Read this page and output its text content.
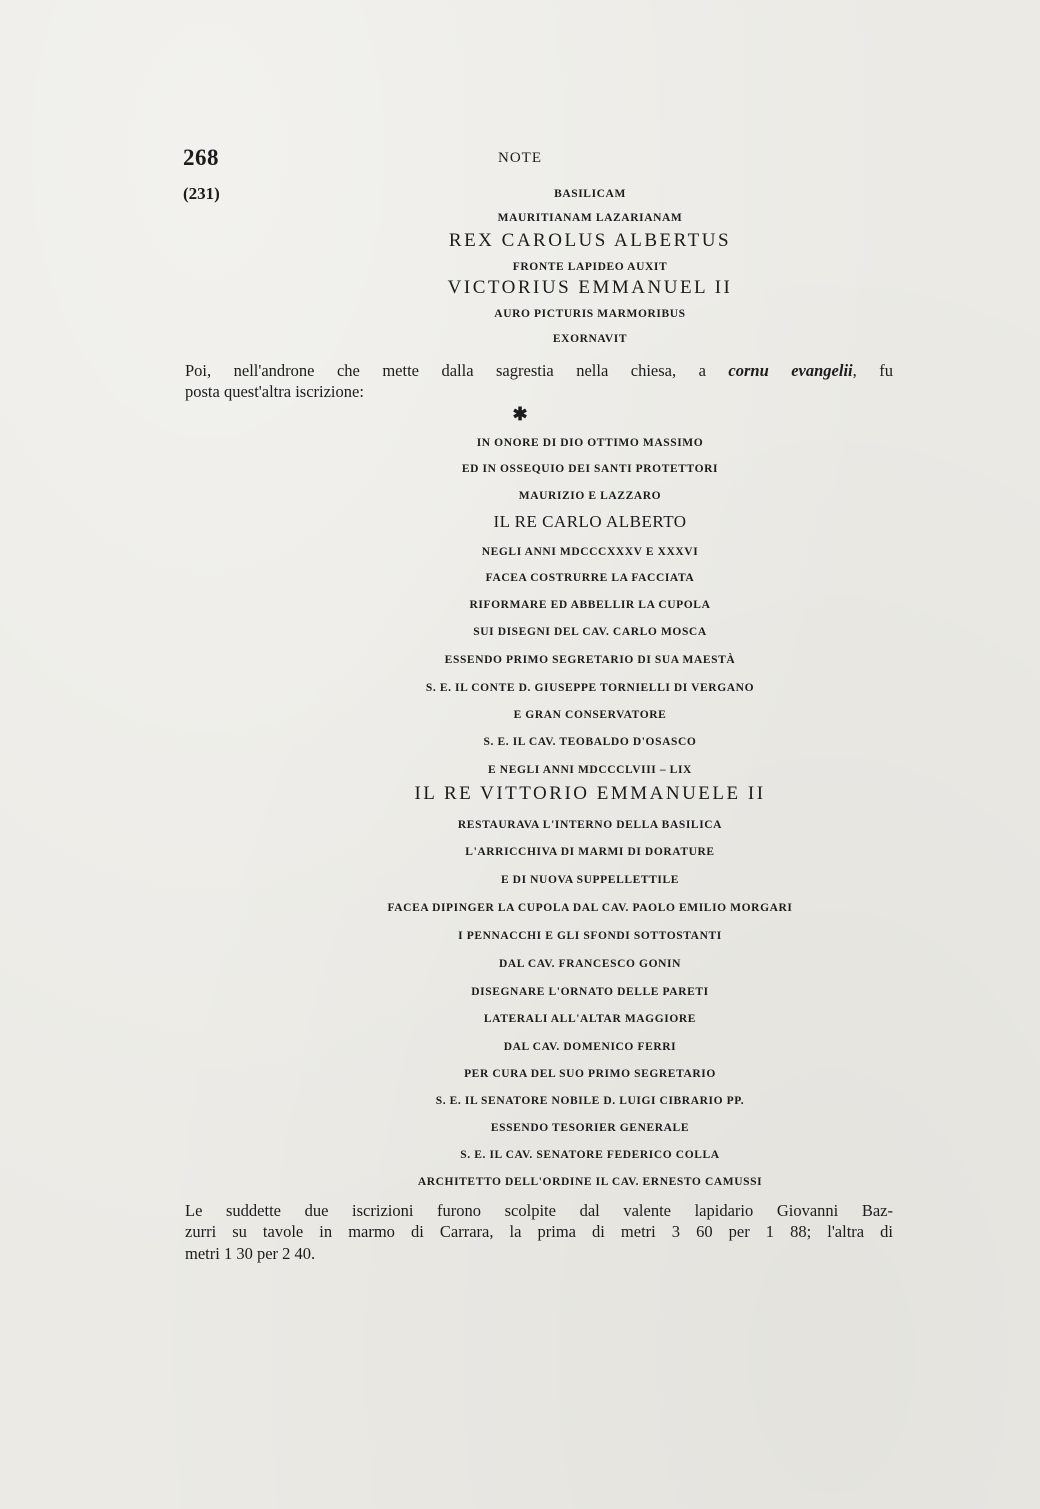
268	NOTE
(231)	BASILICAM
MAURITIANAM LAZARIANAM
REX CAROLUS ALBERTUS
FRONTE LAPIDEO AUXIT
VICTORIUS EMMANUEL II
AURO PICTURIS MARMORIBUS
EXORNAVIT
Poi, nell'androne che mette dalla sagrestia nella chiesa, a cornu evangelii, fu
posta quest'altra iscrizione:
✱
IN ONORE DI DIO OTTIMO MASSIMO
ED IN OSSEQUIO DEI SANTI PROTETTORI
MAURIZIO E LAZZARO
IL RE CARLO ALBERTO
NEGLI ANNI MDCCCXXXV E XXXVI
FACEA COSTRURRE LA FACCIATA
RIFORMARE ED ABBELLIR LA CUPOLA
SUI DISEGNI DEL CAV. CARLO MOSCA
ESSENDO PRIMO SEGRETARIO DI SUA MAESTÀ
S. E. IL CONTE D. GIUSEPPE TORNIELLI DI VERGANO
E GRAN CONSERVATORE
S. E. IL CAV. TEOBALDO D'OSASCO
E NEGLI ANNI MDCCCLVIII – LIX
IL RE VITTORIO EMMANUELE II
RESTAURAVA L'INTERNO DELLA BASILICA
L'ARRICCHIVA DI MARMI DI DORATURE
E DI NUOVA SUPPELLETTILE
FACEA DIPINGER LA CUPOLA DAL CAV. PAOLO EMILIO MORGARI
I PENNACCHI E GLI SFONDI SOTTOSTANTI
DAL CAV. FRANCESCO GONIN
DISEGNARE L'ORNATO DELLE PARETI
LATERALI ALL'ALTAR MAGGIORE
DAL CAV. DOMENICO FERRI
PER CURA DEL SUO PRIMO SEGRETARIO
S. E. IL SENATORE NOBILE D. LUIGI CIBRARIO PP.
ESSENDO TESORIER GENERALE
S. E. IL CAV. SENATORE FEDERICO COLLA
ARCHITETTO DELL'ORDINE IL CAV. ERNESTO CAMUSSI
Le suddette due iscrizioni furono scolpite dal valente lapidario Giovanni Baz-
zurri su tavole in marmo di Carrara, la prima di metri 3 60 per 1 88; l'altra di
metri 1 30 per 2 40.
